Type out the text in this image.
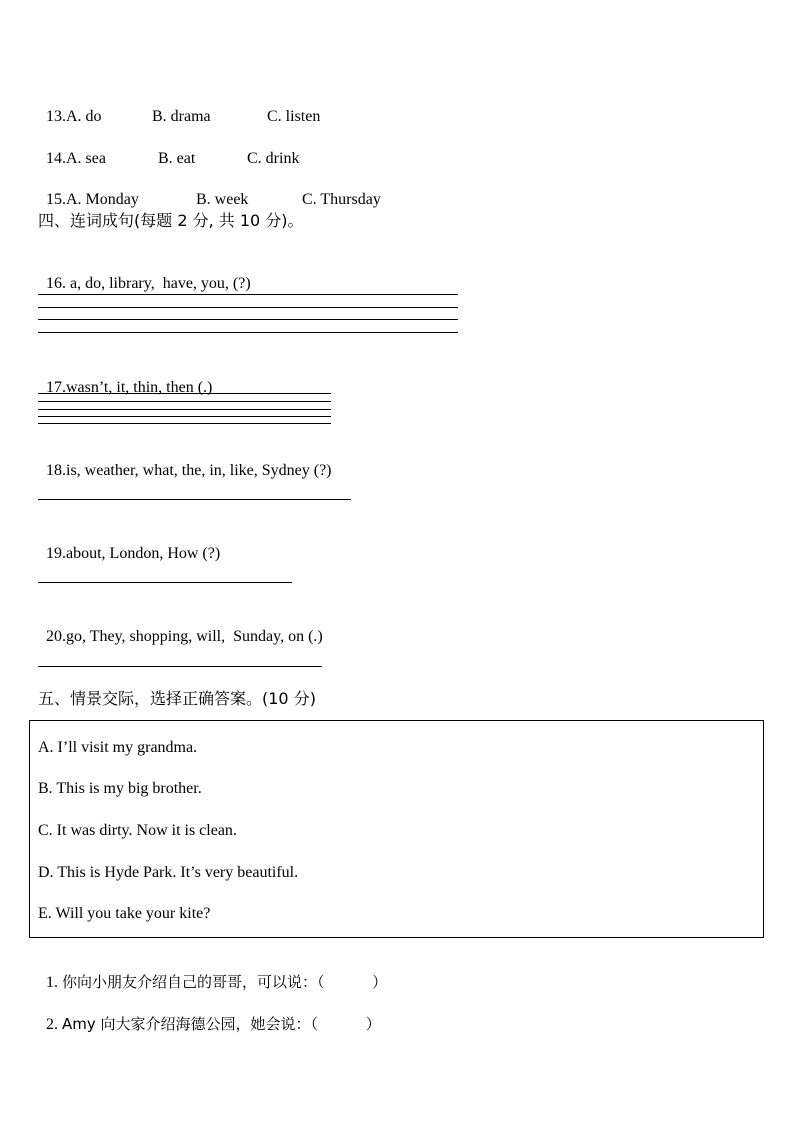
13.A. do	B. drama	C. listen

14.A. sea	B. eat	C. drink

15.A. Monday	B. week	C. Thursday

四、连词成句(每题 2 分, 共 10 分)。

16. a, do, library,  have, you, (?)

17.wasn’t, it, thin, then (.)

18.is, weather, what, the, in, like, Sydney (?)

19.about, London, How (?)

20.go, They, shopping, will,  Sunday, on (.)

五、情景交际，选择正确答案。(10 分)
A. I’ll visit my grandma.
B. This is my big brother.
C. It was dirty. Now it is clean.
D. This is Hyde Park. It’s very beautiful.
E. Will you take your kite?

1. 你向小朋友介绍自己的哥哥，可以说：（          ）

2. Amy 向大家介绍海德公园，她会说：（          ）
